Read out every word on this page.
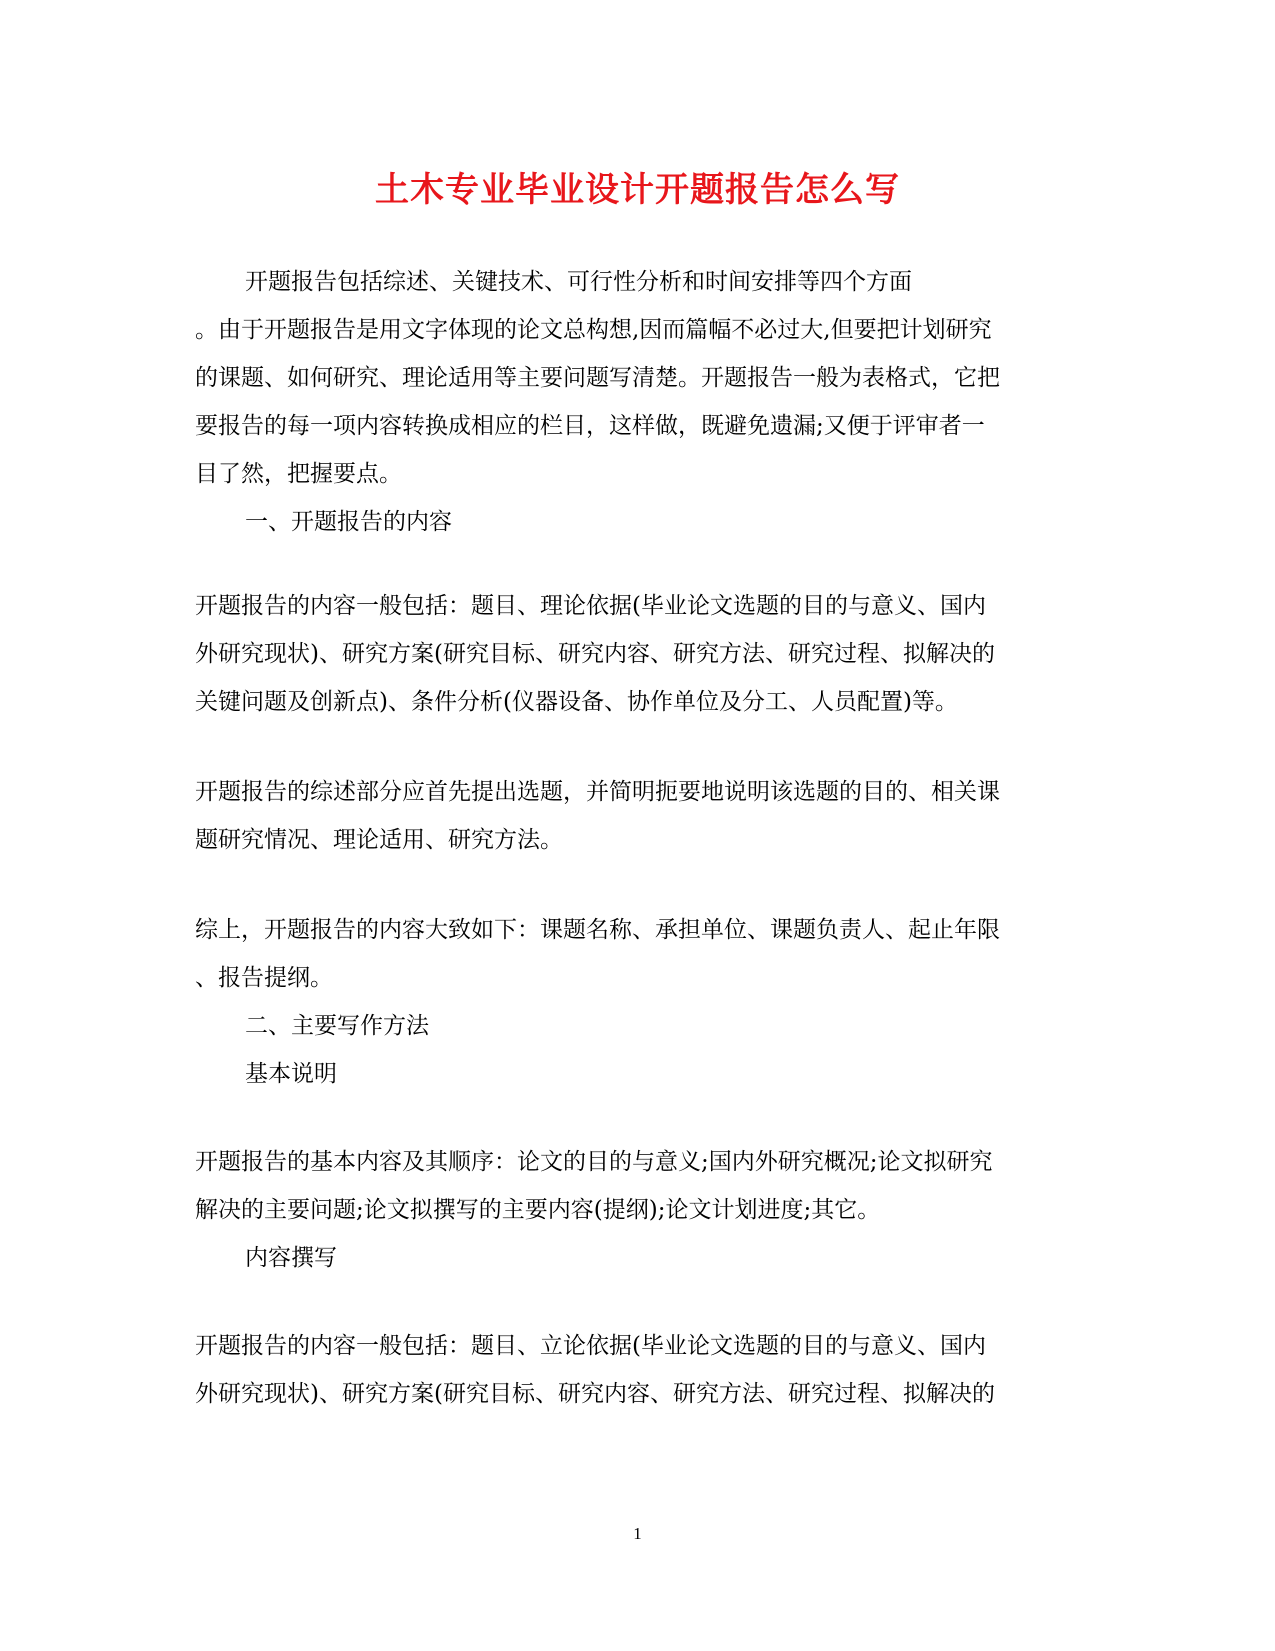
土木专业毕业设计开题报告怎么写
开题报告包括综述、关键技术、可行性分析和时间安排等四个方面
。由于开题报告是用文字体现的论文总构想,因而篇幅不必过大,但要把计划研究
的课题、如何研究、理论适用等主要问题写清楚。开题报告一般为表格式，它把
要报告的每一项内容转换成相应的栏目，这样做，既避免遗漏;又便于评审者一
目了然，把握要点。
一、开题报告的内容
开题报告的内容一般包括：题目、理论依据(毕业论文选题的目的与意义、国内
外研究现状)、研究方案(研究目标、研究内容、研究方法、研究过程、拟解决的
关键问题及创新点)、条件分析(仪器设备、协作单位及分工、人员配置)等。
开题报告的综述部分应首先提出选题，并简明扼要地说明该选题的目的、相关课
题研究情况、理论适用、研究方法。
综上，开题报告的内容大致如下：课题名称、承担单位、课题负责人、起止年限
、报告提纲。
二、主要写作方法
基本说明
开题报告的基本内容及其顺序：论文的目的与意义;国内外研究概况;论文拟研究
解决的主要问题;论文拟撰写的主要内容(提纲);论文计划进度;其它。
内容撰写
开题报告的内容一般包括：题目、立论依据(毕业论文选题的目的与意义、国内
外研究现状)、研究方案(研究目标、研究内容、研究方法、研究过程、拟解决的
1
